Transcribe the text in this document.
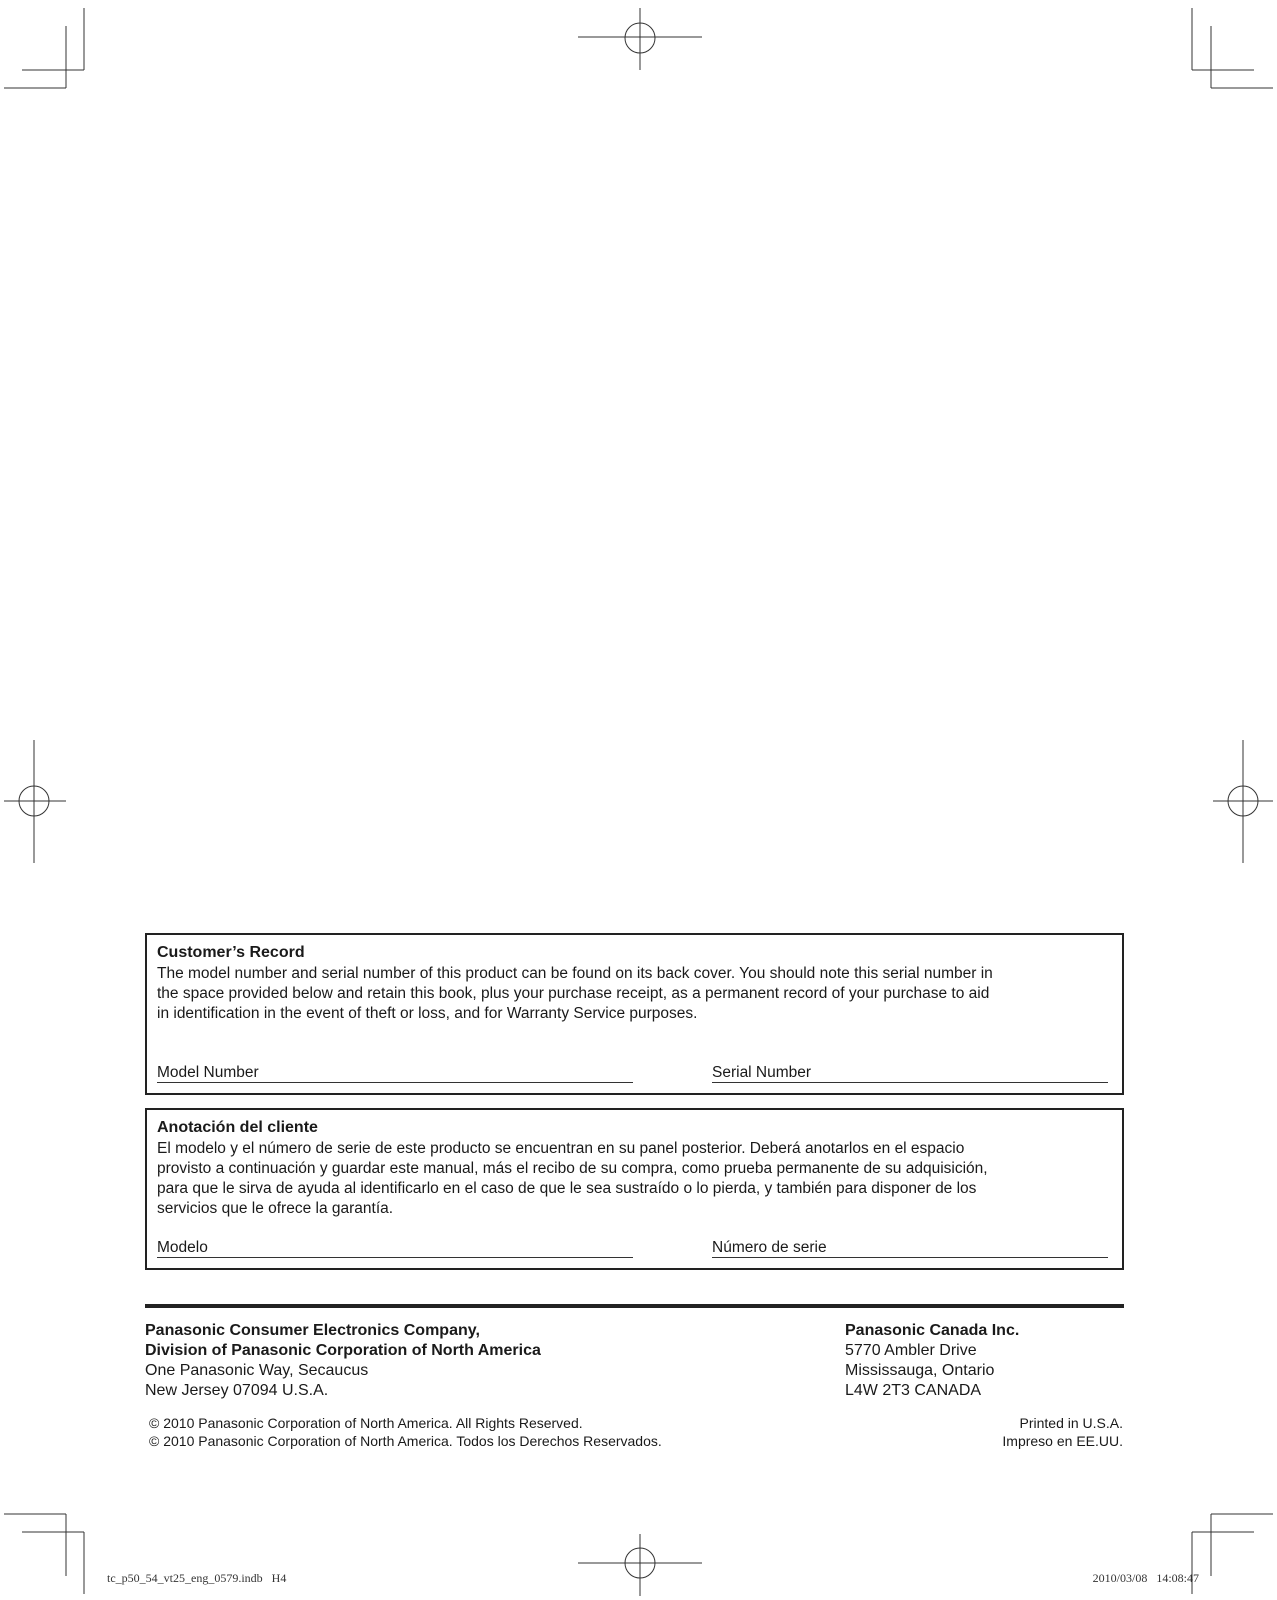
Customer’s Record

The model number and serial number of this product can be found on its back cover. You should note this serial number in

the space provided below and retain this book, plus your purchase receipt, as a permanent record of your purchase to aid

in identification in the event of theft or loss, and for Warranty Service purposes.

Model Number	Serial Number
Anotación del cliente

El modelo y el número de serie de este producto se encuentran en su panel posterior. Deberá anotarlos en el espacio

provisto a continuación y guardar este manual, más el recibo de su compra, como prueba permanente de su adquisición,

para que le sirva de ayuda al identificarlo en el caso de que le sea sustraído o lo pierda, y también para disponer de los

servicios que le ofrece la garantía.

Modelo	Número de serie
Panasonic Consumer Electronics Company,
Division of Panasonic Corporation of North America
One Panasonic Way, Secaucus
New Jersey 07094 U.S.A.
Panasonic Canada Inc.
5770 Ambler Drive
Mississauga, Ontario
L4W 2T3 CANADA
© 2010 Panasonic Corporation of North America. All Rights Reserved.
© 2010 Panasonic Corporation of North America. Todos los Derechos Reservados.
Printed in U.S.A.
Impreso en EE.UU.
tc_p50_54_vt25_eng_0579.indb   H4	2010/03/08   14:08:47
